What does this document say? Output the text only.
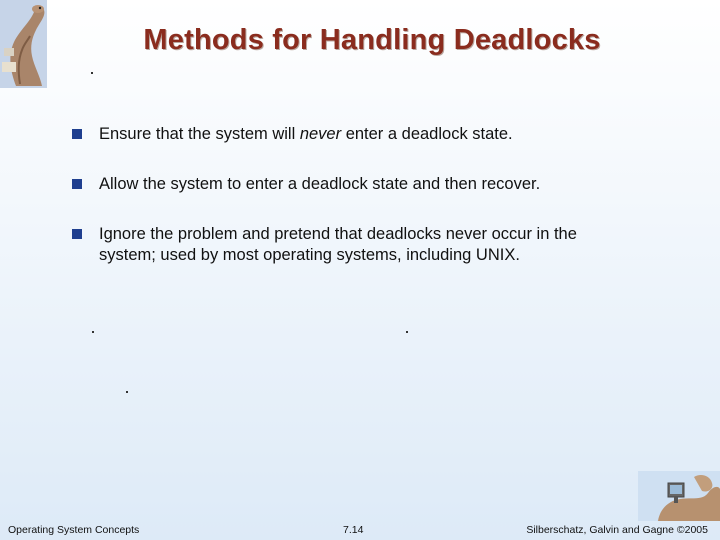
Methods for Handling Deadlocks
Ensure that the system will never enter a deadlock state.
Allow the system to enter a deadlock state and then recover.
Ignore the problem and pretend that deadlocks never occur in the system; used by most operating systems, including UNIX.
Operating System Concepts	7.14	Silberschatz, Galvin and Gagne ©2005
